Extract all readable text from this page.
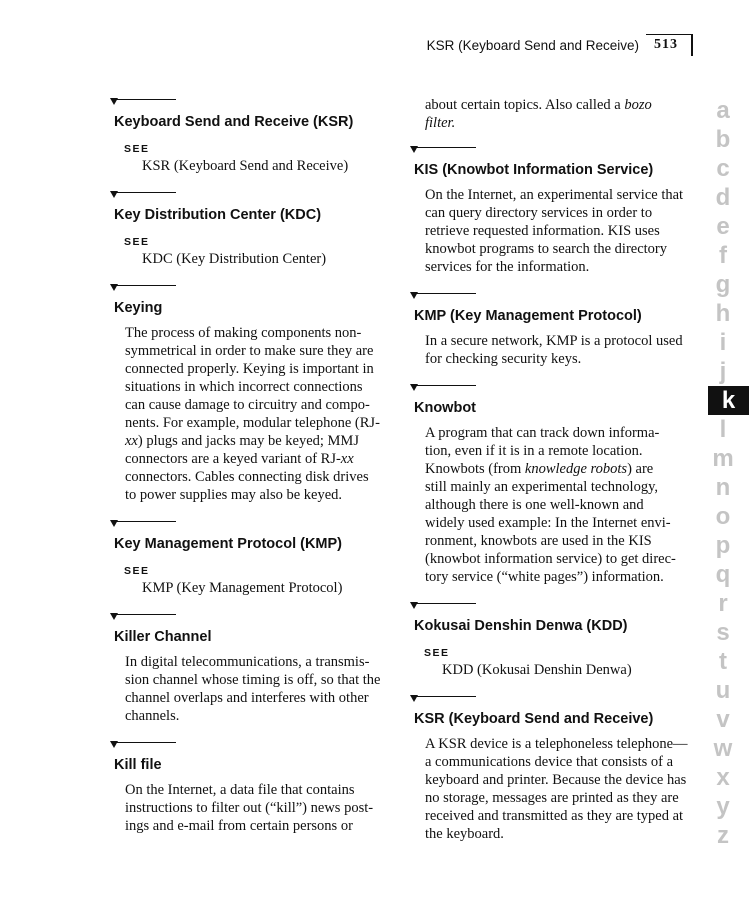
KSR (Keyboard Send and Receive) 513
Keyboard Send and Receive (KSR)
SEE
KSR (Keyboard Send and Receive)
Key Distribution Center (KDC)
SEE
KDC (Key Distribution Center)
Keying
The process of making components non-
symmetrical in order to make sure they are
connected properly. Keying is important in
situations in which incorrect connections
can cause damage to circuitry and compo-
nents. For example, modular telephone (RJ-
xx) plugs and jacks may be keyed; MMJ
connectors are a keyed variant of RJ-xx
connectors. Cables connecting disk drives
to power supplies may also be keyed.
Key Management Protocol (KMP)
SEE
KMP (Key Management Protocol)
Killer Channel
In digital telecommunications, a transmis-
sion channel whose timing is off, so that the
channel overlaps and interferes with other
channels.
Kill file
On the Internet, a data file that contains
instructions to filter out (“kill”) news post-
ings and e-mail from certain persons or
about certain topics. Also called a bozo
filter.
KIS (Knowbot Information Service)
On the Internet, an experimental service that
can query directory services in order to
retrieve requested information. KIS uses
knowbot programs to search the directory
services for the information.
KMP (Key Management Protocol)
In a secure network, KMP is a protocol used
for checking security keys.
Knowbot
A program that can track down informa-
tion, even if it is in a remote location.
Knowbots (from knowledge robots) are
still mainly an experimental technology,
although there is one well-known and
widely used example: In the Internet envi-
ronment, knowbots are used in the KIS
(knowbot information service) to get direc-
tory service (“white pages”) information.
Kokusai Denshin Denwa (KDD)
SEE
KDD (Kokusai Denshin Denwa)
KSR (Keyboard Send and Receive)
A KSR device is a telephoneless telephone—
a communications device that consists of a
keyboard and printer. Because the device has
no storage, messages are printed as they are
received and transmitted as they are typed at
the keyboard.
a
b
c
d
e
f
g
h
i
j
k
l
m
n
o
p
q
r
s
t
u
v
w
x
y
z
